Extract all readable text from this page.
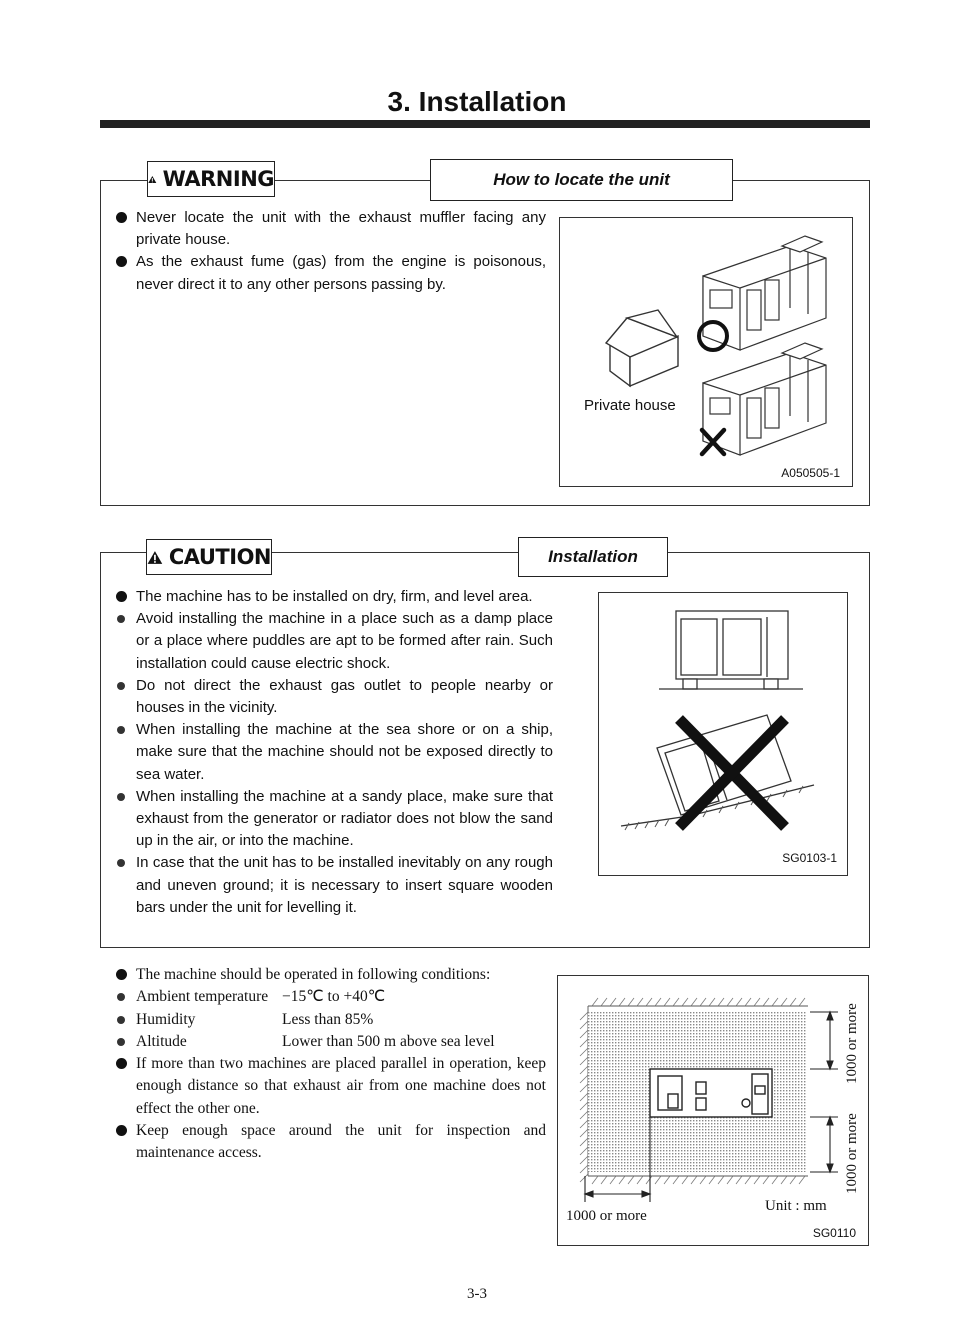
3. Installation
WARNING	How to locate the unit
Never locate the unit with the exhaust muffler facing any private house.
As the exhaust fume (gas) from the engine is poisonous, never direct it to any other persons passing by.
Private house
A050505-1
CAUTION	Installation
The machine has to be installed on dry, firm, and level area.
Avoid installing the machine in a place such as a damp place or a place where puddles are apt to be formed after rain. Such installation could cause electric shock.
Do not direct the exhaust gas outlet to people nearby or houses in the vicinity.
When installing the machine at the sea shore or on a ship, make sure that the machine should not be exposed directly to sea water.
When installing the machine at a sandy place, make sure that exhaust from the generator or radiator does not blow the sand up in the air, or into the machine.
In case that the unit has to be installed inevitably on any rough and uneven ground; it is necessary to insert square wooden bars under the unit for levelling it.
SG0103-1
The machine should be operated in following conditions:
Ambient temperature −15℃ to +40℃
Humidity	Less than 85%
Altitude	Lower than 500 m above sea level
If more than two machines are placed parallel in operation, keep enough distance so that exhaust air from one machine does not effect the other one.
Keep enough space around the unit for inspection and maintenance access.
1000 or more
1000 or more
1000 or more
Unit : mm
SG0110
3-3
